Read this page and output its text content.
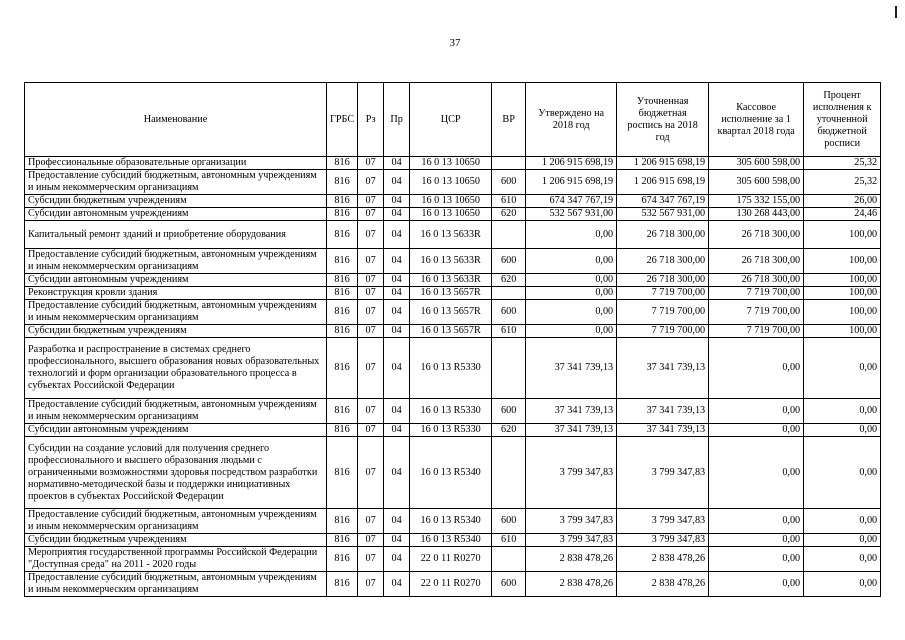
37
Наименование	ГРБС	Рз	Пр	ЦСР	ВР	Утверждено на 2018 год	Уточненная бюджетная роспись на 2018 год	Кассовое исполнение за 1 квартал 2018 года	Процент исполнения к уточненной бюджетной росписи
Профессиональные образовательные организации	816	07	04	16 0 13 10650		1 206 915 698,19	1 206 915 698,19	305 600 598,00	25,32
Предоставление субсидий бюджетным, автономным учреждениям и иным некоммерческим организациям	816	07	04	16 0 13 10650	600	1 206 915 698,19	1 206 915 698,19	305 600 598,00	25,32
Субсидии бюджетным учреждениям	816	07	04	16 0 13 10650	610	674 347 767,19	674 347 767,19	175 332 155,00	26,00
Субсидии автономным учреждениям	816	07	04	16 0 13 10650	620	532 567 931,00	532 567 931,00	130 268 443,00	24,46
Капитальный ремонт зданий и приобретение оборудования	816	07	04	16 0 13 5633R		0,00	26 718 300,00	26 718 300,00	100,00
Предоставление субсидий бюджетным, автономным учреждениям и иным некоммерческим организациям	816	07	04	16 0 13 5633R	600	0,00	26 718 300,00	26 718 300,00	100,00
Субсидии автономным учреждениям	816	07	04	16 0 13 5633R	620	0,00	26 718 300,00	26 718 300,00	100,00
Реконструкция кровли здания	816	07	04	16 0 13 5657R		0,00	7 719 700,00	7 719 700,00	100,00
Предоставление субсидий бюджетным, автономным учреждениям и иным некоммерческим организациям	816	07	04	16 0 13 5657R	600	0,00	7 719 700,00	7 719 700,00	100,00
Субсидии бюджетным учреждениям	816	07	04	16 0 13 5657R	610	0,00	7 719 700,00	7 719 700,00	100,00
Разработка и распространение в системах среднего профессионального, высшего образования новых образовательных технологий и форм организации образовательного процесса в субъектах Российской Федерации	816	07	04	16 0 13 R5330		37 341 739,13	37 341 739,13	0,00	0,00
Предоставление субсидий бюджетным, автономным учреждениям и иным некоммерческим организациям	816	07	04	16 0 13 R5330	600	37 341 739,13	37 341 739,13	0,00	0,00
Субсидии автономным учреждениям	816	07	04	16 0 13 R5330	620	37 341 739,13	37 341 739,13	0,00	0,00
Субсидии на создание условий для получения среднего профессионального и высшего образования людьми с ограниченными возможностями здоровья посредством разработки нормативно-методической базы и поддержки инициативных проектов в субъектах Российской Федерации	816	07	04	16 0 13 R5340		3 799 347,83	3 799 347,83	0,00	0,00
Предоставление субсидий бюджетным, автономным учреждениям и иным некоммерческим организациям	816	07	04	16 0 13 R5340	600	3 799 347,83	3 799 347,83	0,00	0,00
Субсидии бюджетным учреждениям	816	07	04	16 0 13 R5340	610	3 799 347,83	3 799 347,83	0,00	0,00
Мероприятия государственной программы Российской Федерации "Доступная среда" на 2011 - 2020 годы	816	07	04	22 0 11 R0270		2 838 478,26	2 838 478,26	0,00	0,00
Предоставление субсидий бюджетным, автономным учреждениям и иным некоммерческим организациям	816	07	04	22 0 11 R0270	600	2 838 478,26	2 838 478,26	0,00	0,00
